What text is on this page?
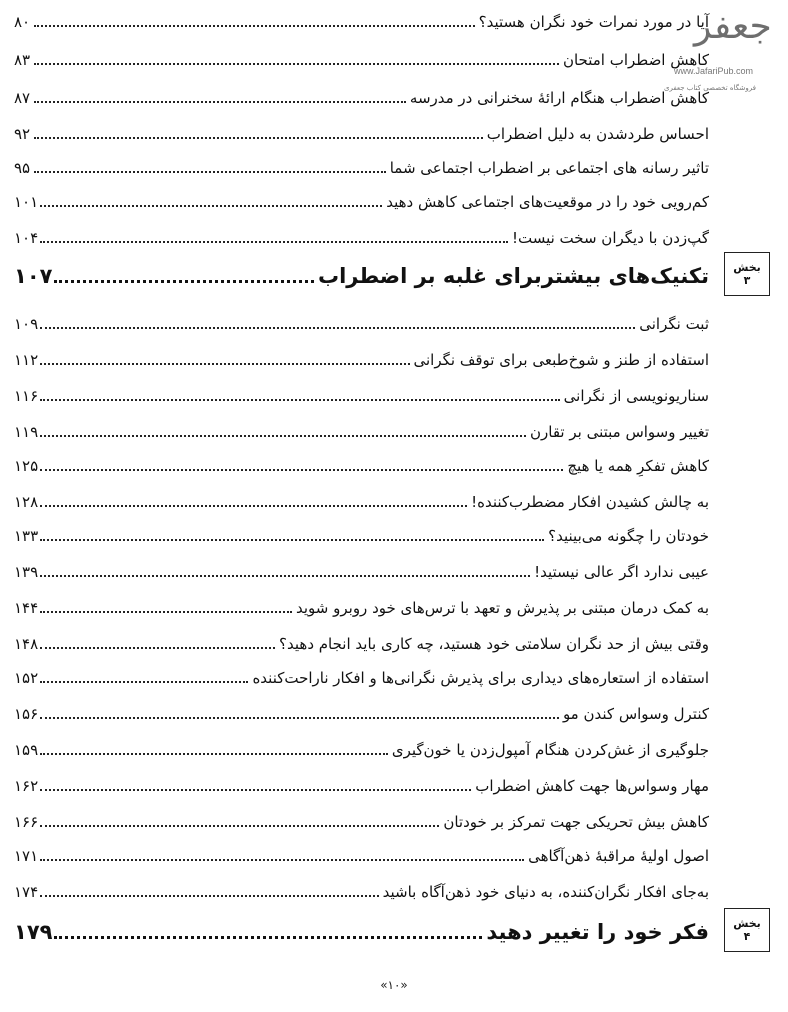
آیا در مورد نمرات خود نگران هستید؟
۸۰
کاهش اضطراب امتحان
۸۳
کاهش اضطراب هنگام ارائهٔ سخنرانی در مدرسه
۸۷
احساس طردشدن به دلیل اضطراب
۹۲
تاثیر رسانه های اجتماعی بر اضطراب اجتماعی شما
۹۵
کم‌رویی خود را در موقعیت‌های اجتماعی کاهش دهید
۱۰۱
گپ‌زدن با دیگران سخت نیست!
۱۰۴
تکنیک‌های بیشتربرای غلبه بر اضطراب
۱۰۷	بخش
۳
ثبت نگرانی
۱۰۹
استفاده از طنز و شوخ‌طبعی برای توقف نگرانی
۱۱۲
سناریونویسی از نگرانی
۱۱۶
تغییر وسواس مبتنی بر تقارن
۱۱۹
کاهش تفکرِ همه یا هیچ
۱۲۵
به چالش کشیدن افکار مضطرب‌کننده!
۱۲۸
خودتان را چگونه می‌بینید؟
۱۳۳
عیبی ندارد اگر عالی نیستید!
۱۳۹
به کمک درمان مبتنی بر پذیرش و تعهد با ترس‌های خود روبرو شوید
۱۴۴
وقتی بیش از حد نگران سلامتی خود هستید، چه کاری باید انجام دهید؟
۱۴۸
استفاده از استعاره‌های دیداری برای پذیرش نگرانی‌ها و افکار ناراحت‌کننده
۱۵۲
کنترل وسواس کندن مو
۱۵۶
جلوگیری از غش‌کردن هنگام آمپول‌زدن یا خون‌گیری
۱۵۹
مهار وسواس‌ها جهت کاهش اضطراب
۱۶۲
کاهش بیش تحریکی جهت تمرکز بر خودتان
۱۶۶
اصول اولیهٔ مراقبهٔ ذهن‌آگاهی
۱۷۱
به‌جای افکار نگران‌کننده، به دنیای خود ذهن‌آگاه باشید
۱۷۴
فکر خود را تغییر دهید
۱۷۹	بخش
۴
ﺟﻌﻔﺮ
www.JafariPub.com
فروشگاه تخصصی کتاب جعفری
«۱۰»
